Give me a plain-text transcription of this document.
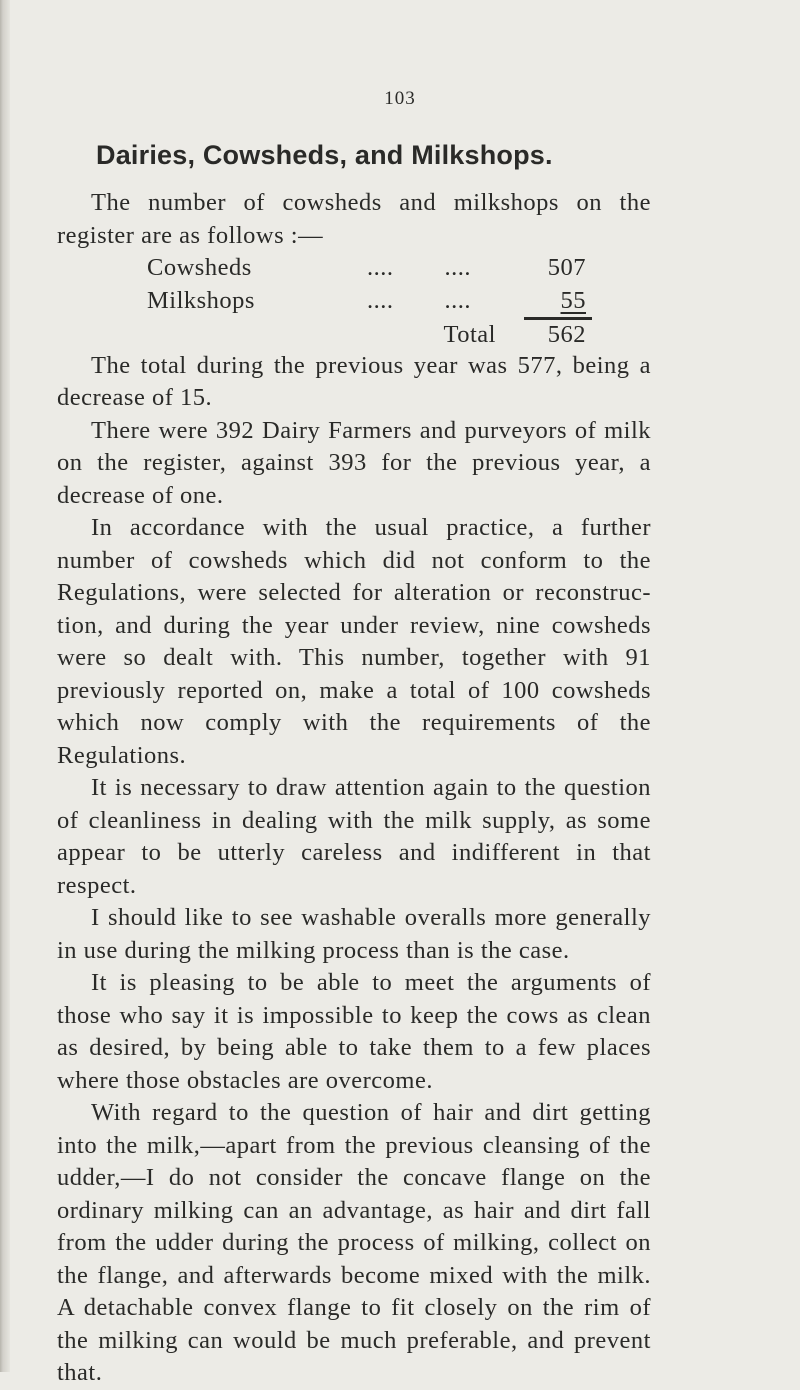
103
Dairies, Cowsheds, and Milkshops.

The number of cowsheds and milkshops on the register are as follows :—

Cowsheds	.... ....	507
Milkshops	.... ....	55
Total	562

The total during the previous year was 577, being a decrease of 15.

There were 392 Dairy Farmers and purveyors of milk on the register, against 393 for the previous year, a decrease of one.

In accordance with the usual practice, a further number of cowsheds which did not conform to the Regulations, were selected for alteration or reconstruc-tion, and during the year under review, nine cowsheds were so dealt with. This number, together with 91 previously reported on, make a total of 100 cowsheds which now comply with the requirements of the Regulations.

It is necessary to draw attention again to the question of cleanliness in dealing with the milk supply, as some appear to be utterly careless and indifferent in that respect.

I should like to see washable overalls more generally in use during the milking process than is the case.

It is pleasing to be able to meet the arguments of those who say it is impossible to keep the cows as clean as desired, by being able to take them to a few places where those obstacles are overcome.

With regard to the question of hair and dirt getting into the milk,—apart from the previous cleansing of the udder,—I do not consider the concave flange on the ordinary milking can an advantage, as hair and dirt fall from the udder during the process of milking, collect on the flange, and afterwards become mixed with the milk. A detachable convex flange to fit closely on the rim of the milking can would be much preferable, and prevent that.
